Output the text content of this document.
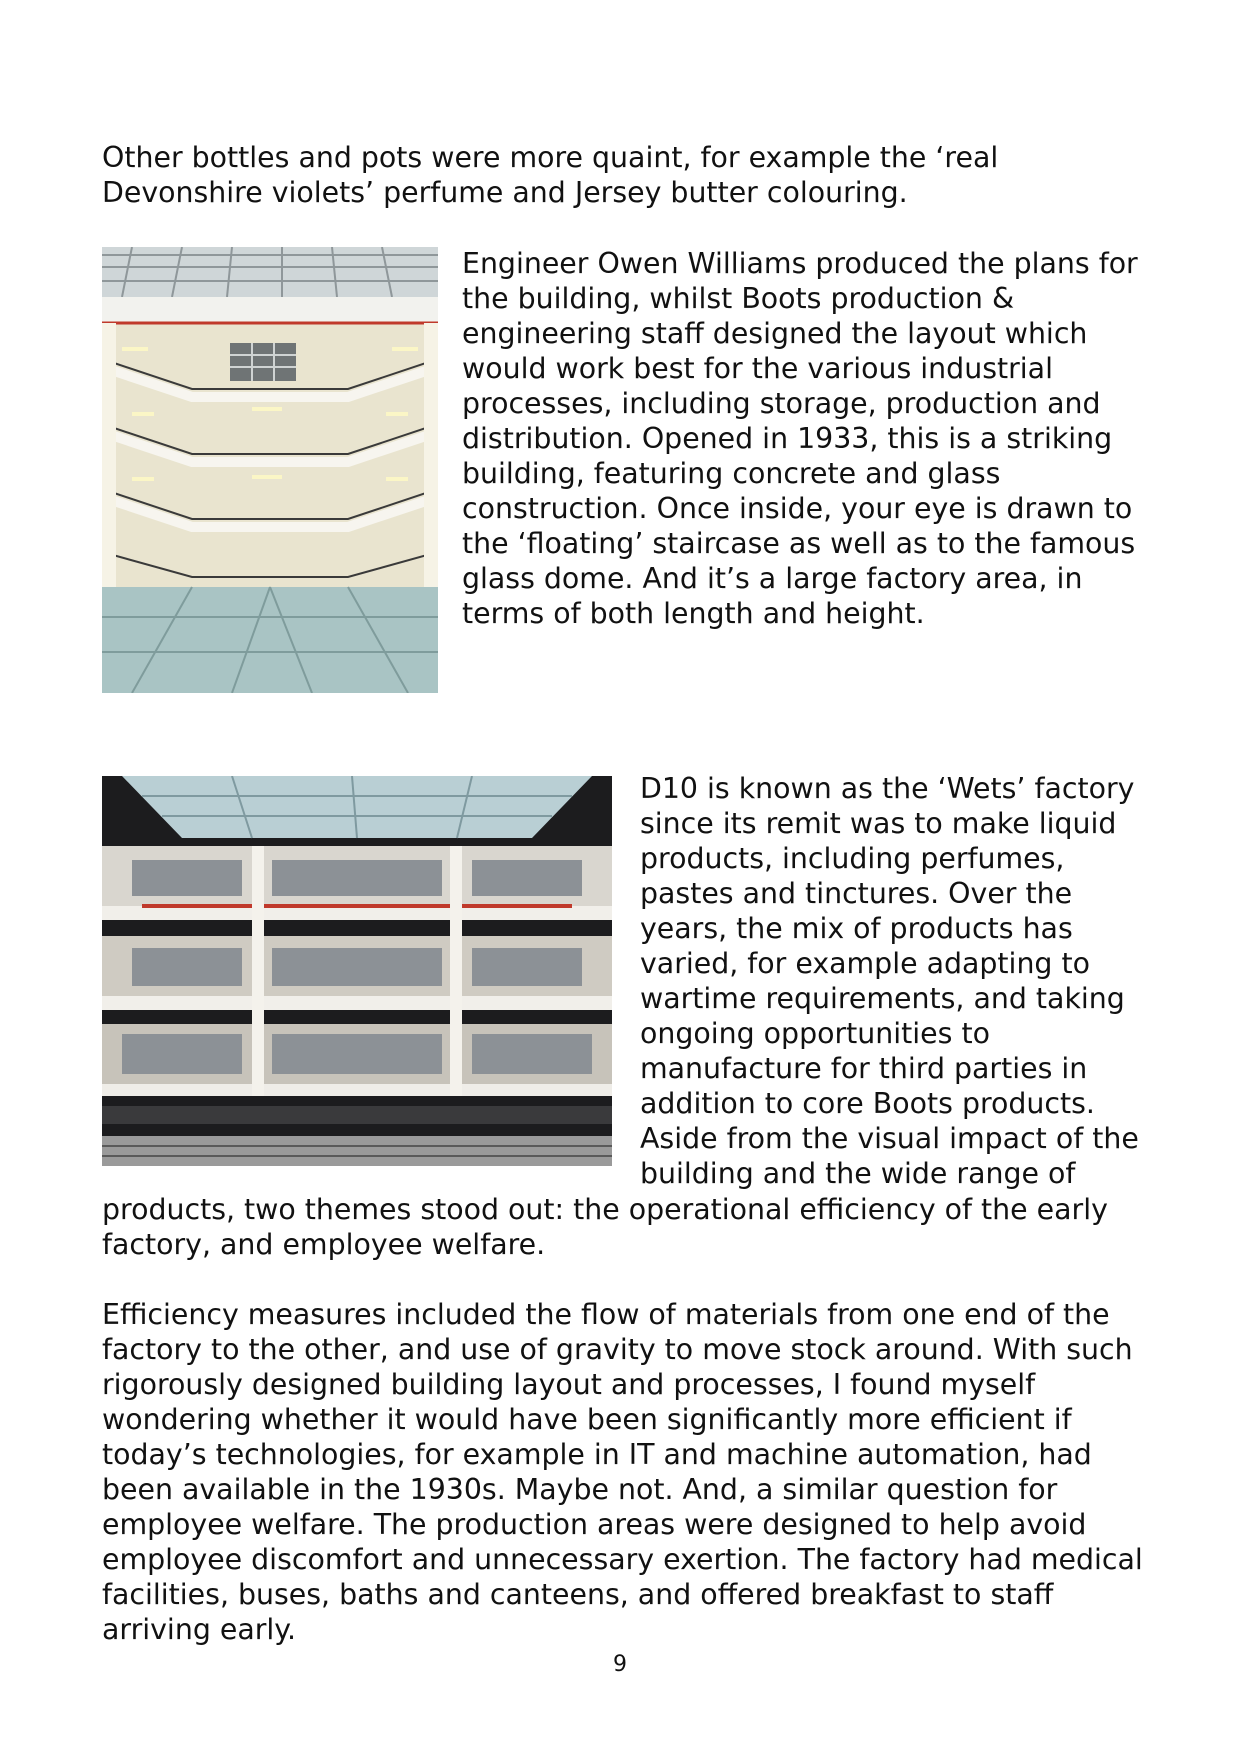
Other bottles and pots were more quaint, for example the ‘real Devonshire violets’ perfume and Jersey butter colouring.

Engineer Owen Williams produced the plans for the building, whilst Boots production & engineering staff designed the layout which would work best for the various industrial processes, including storage, production and distribution. Opened in 1933, this is a striking building, featuring concrete and glass construction. Once inside, your eye is drawn to the ‘floating’ staircase as well as to the famous glass dome. And it’s a large factory area, in terms of both length and height.

D10 is known as the ‘Wets’ factory since its remit was to make liquid products, including perfumes, pastes and tinctures. Over the years, the mix of products has varied, for example adapting to wartime requirements, and taking ongoing opportunities to manufacture for third parties in addition to core Boots products. Aside from the visual impact of the building and the wide range of

products, two themes stood out: the operational efficiency of the early factory, and employee welfare.

Efficiency measures included the flow of materials from one end of the factory to the other, and use of gravity to move stock around. With such rigorously designed building layout and processes, I found myself wondering whether it would have been significantly more efficient if today’s technologies, for example in IT and machine automation, had been available in the 1930s. Maybe not. And, a similar question for employee welfare. The production areas were designed to help avoid employee discomfort and unnecessary exertion. The factory had medical facilities, buses, baths and canteens, and offered breakfast to staff arriving early.

9
